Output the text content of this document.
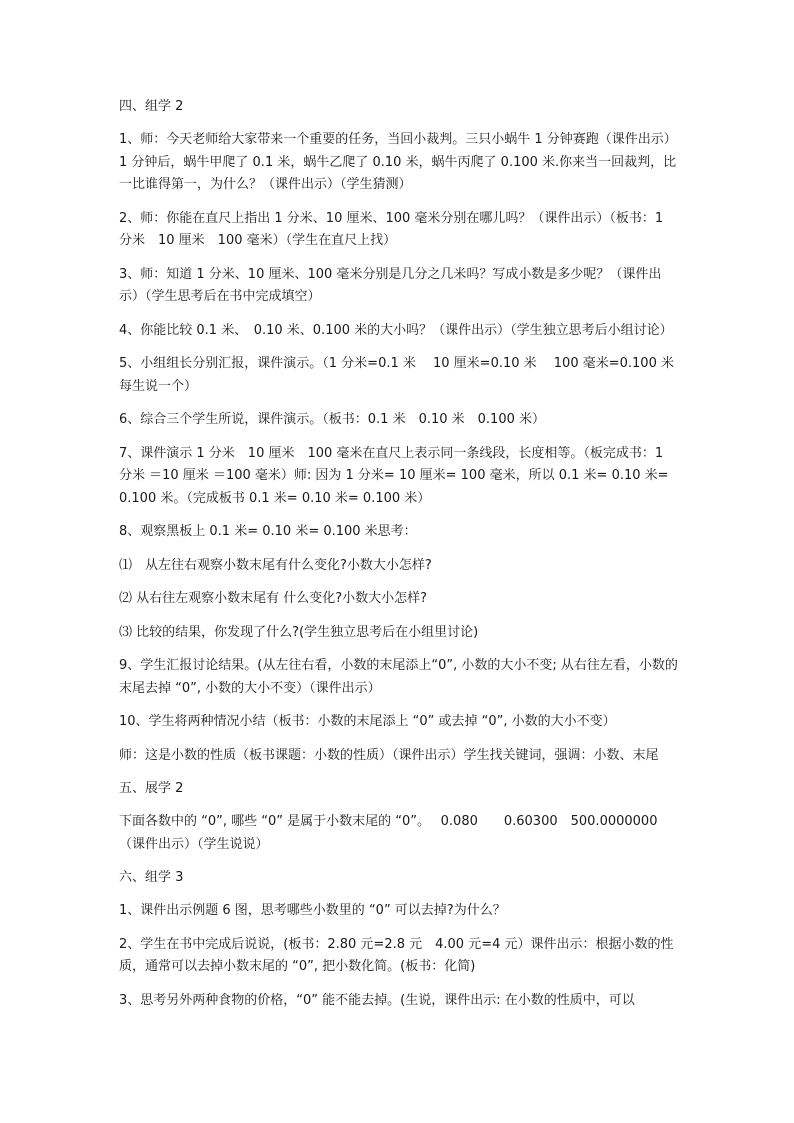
四、组学 2

1、师：今天老师给大家带来一个重要的任务，当回小裁判。三只小蜗牛 1 分钟赛跑（课件出示）1 分钟后，蜗牛甲爬了 0.1 米，蜗牛乙爬了 0.10 米，蜗牛丙爬了 0.100 米.你来当一回裁判，比一比谁得第一，为什么？（课件出示）（学生猜测）

2、师：你能在直尺上指出 1 分米、10 厘米、100 毫米分别在哪儿吗？（课件出示）（板书：1 分米　10 厘米　100 毫米）（学生在直尺上找）

3、师：知道 1 分米、10 厘米、100 毫米分别是几分之几米吗？写成小数是多少呢？（课件出示）（学生思考后在书中完成填空）

4、你能比较 0.1 米、　0.10 米、0.100 米的大小吗？（课件出示）（学生独立思考后小组讨论）

5、小组组长分别汇报，课件演示。（1 分米=0.1 米　 10 厘米=0.10 米　 100 毫米=0.100 米每生说一个）

6、综合三个学生所说，课件演示。（板书：0.1 米　0.10 米　0.100 米）

7、课件演示 1 分米　10 厘米　100 毫米在直尺上表示同一条线段，长度相等。（板完成书：1 分米 ＝10 厘米 ＝100 毫米）师: 因为 1 分米= 10 厘米= 100 毫米，所以 0.1 米= 0.10 米= 0.100 米。（完成板书 0.1 米= 0.10 米= 0.100 米）

8、观察黑板上 0.1 米= 0.10 米= 0.100 米思考：

⑴　从左往右观察小数末尾有什么变化?小数大小怎样?

⑵ 从右往左观察小数末尾有 什么变化?小数大小怎样?

⑶ 比较的结果，你发现了什么?(学生独立思考后在小组里讨论)

9、学生汇报讨论结果。(从左往右看，小数的末尾添上“0”, 小数的大小不变; 从右往左看，小数的末尾去掉 “0”, 小数的大小不变）（课件出示）

10、学生将两种情况小结（板书：小数的末尾添上 “0” 或去掉 “0”, 小数的大小不变）

师：这是小数的性质（板书课题：小数的性质）（课件出示）学生找关键词，强调：小数、末尾

五、展学 2

下面各数中的 “0”, 哪些 “0” 是属于小数末尾的 “0”。　 0.080　　0.60300　500.0000000（课件出示）（学生说说）

六、组学 3

1、课件出示例题 6 图，思考哪些小数里的 “0” 可以去掉?为什么？

2、学生在书中完成后说说，(板书：2.80 元=2.8 元　4.00 元=4 元）课件出示：根据小数的性质，通常可以去掉小数末尾的 “0”, 把小数化简。(板书：化简)

3、思考另外两种食物的价格，“0” 能不能去掉。(生说，课件出示: 在小数的性质中，可以
